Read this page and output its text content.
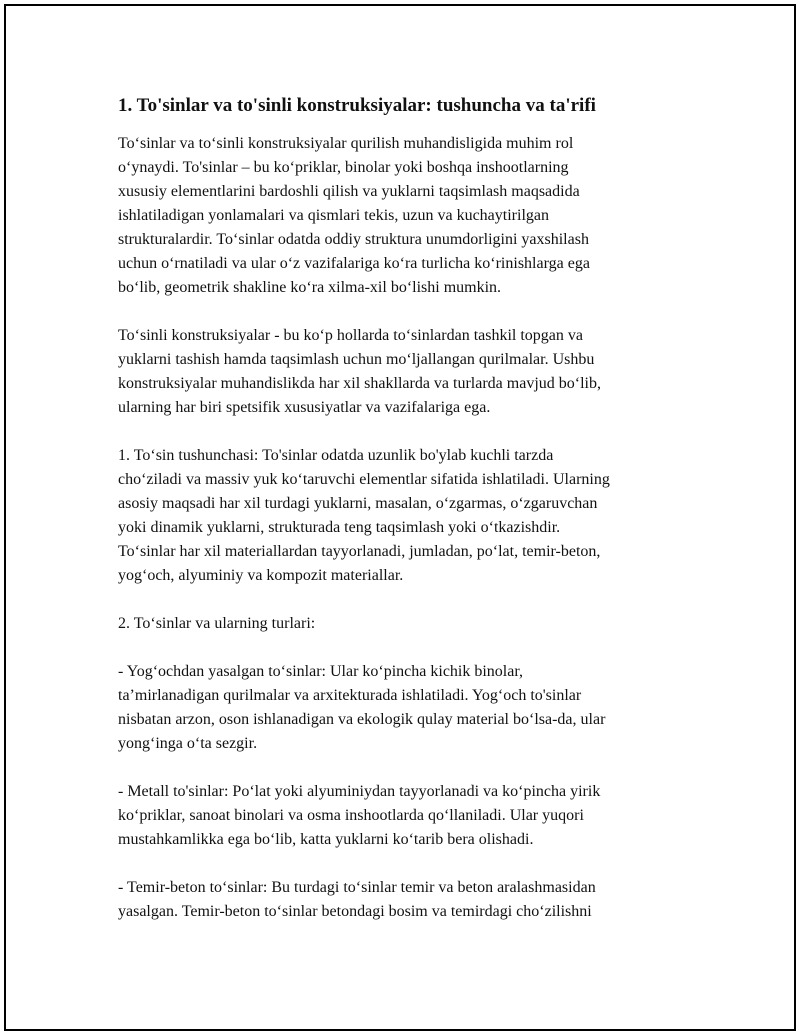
1. To'sinlar va to'sinli konstruksiyalar: tushuncha va ta'rifi
To‘sinlar va to‘sinli konstruksiyalar qurilish muhandisligida muhim rol
o‘ynaydi. To'sinlar – bu ko‘priklar, binolar yoki boshqa inshootlarning
xususiy elementlarini bardoshli qilish va yuklarni taqsimlash maqsadida
ishlatiladigan yonlamalari va qismlari tekis, uzun va kuchaytirilgan
strukturalardir. To‘sinlar odatda oddiy struktura unumdorligini yaxshilash
uchun o‘rnatiladi va ular o‘z vazifalariga ko‘ra turlicha ko‘rinishlarga ega
bo‘lib, geometrik shakline ko‘ra xilma-xil bo‘lishi mumkin.
To‘sinli konstruksiyalar - bu ko‘p hollarda to‘sinlardan tashkil topgan va
yuklarni tashish hamda taqsimlash uchun mo‘ljallangan qurilmalar. Ushbu
konstruksiyalar muhandislikda har xil shakllarda va turlarda mavjud bo‘lib,
ularning har biri spetsifik xususiyatlar va vazifalariga ega.
1. To‘sin tushunchasi: To'sinlar odatda uzunlik bo'ylab kuchli tarzda
cho‘ziladi va massiv yuk ko‘taruvchi elementlar sifatida ishlatiladi. Ularning
asosiy maqsadi har xil turdagi yuklarni, masalan, o‘zgarmas, o‘zgaruvchan
yoki dinamik yuklarni, strukturada teng taqsimlash yoki o‘tkazishdir.
To‘sinlar har xil materiallardan tayyorlanadi, jumladan, po‘lat, temir-beton,
yog‘och, alyuminiy va kompozit materiallar.
2. To‘sinlar va ularning turlari:
- Yog‘ochdan yasalgan to‘sinlar: Ular ko‘pincha kichik binolar,
ta’mirlanadigan qurilmalar va arxitekturada ishlatiladi. Yog‘och to'sinlar
nisbatan arzon, oson ishlanadigan va ekologik qulay material bo‘lsa-da, ular
yong‘inga o‘ta sezgir.
- Metall to'sinlar: Po‘lat yoki alyuminiydan tayyorlanadi va ko‘pincha yirik
ko‘priklar, sanoat binolari va osma inshootlarda qo‘llaniladi. Ular yuqori
mustahkamlikka ega bo‘lib, katta yuklarni ko‘tarib bera olishadi.
- Temir-beton to‘sinlar: Bu turdagi to‘sinlar temir va beton aralashmasidan
yasalgan. Temir-beton to‘sinlar betondagi bosim va temirdagi cho‘zilishni
